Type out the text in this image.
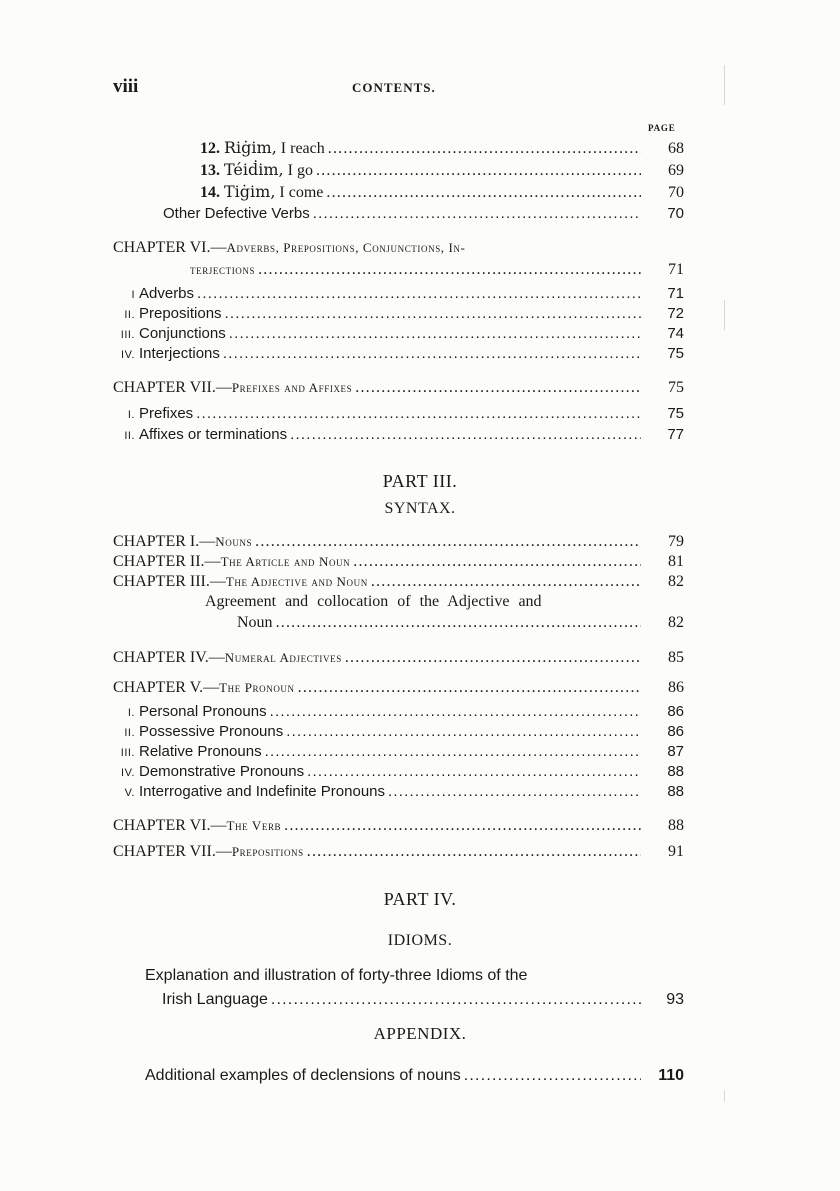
viii	CONTENTS.
PAGE
12. Riġim, I reach .....	68
13. Téiḋim, I go .....	69
14. Tiġim, I come .....	70
Other Defective Verbs .....	70
CHAPTER VI.—Adverbs, Prepositions, Conjunctions, In-
terjections .....	71
I Adverbs .....	71
II. Prepositions .....	72
III. Conjunctions .....	74
IV. Interjections .....	75
CHAPTER VII.—Prefixes and Affixes .....	75
I. Prefixes .....	75
II. Affixes or terminations .....	77
PART III.
SYNTAX.
CHAPTER I.—Nouns .....	79
CHAPTER II.—The Article and Noun .....	81
CHAPTER III.—The Adjective and Noun .....	82
Agreement and collocation of the Adjective and
Noun .....	82
CHAPTER IV.—Numeral Adjectives .....	85
CHAPTER V.—The Pronoun .....	86
I. Personal Pronouns .....	86
II. Possessive Pronouns .....	86
III. Relative Pronouns .....	87
IV. Demonstrative Pronouns .....	88
V. Interrogative and Indefinite Pronouns .....	88
CHAPTER VI.—The Verb .....	88
CHAPTER VII.—Prepositions .....	91
PART IV.
IDIOMS.
Explanation and illustration of forty-three Idioms of the
Irish Language .....	93
APPENDIX.
Additional examples of declensions of nouns .....	110
